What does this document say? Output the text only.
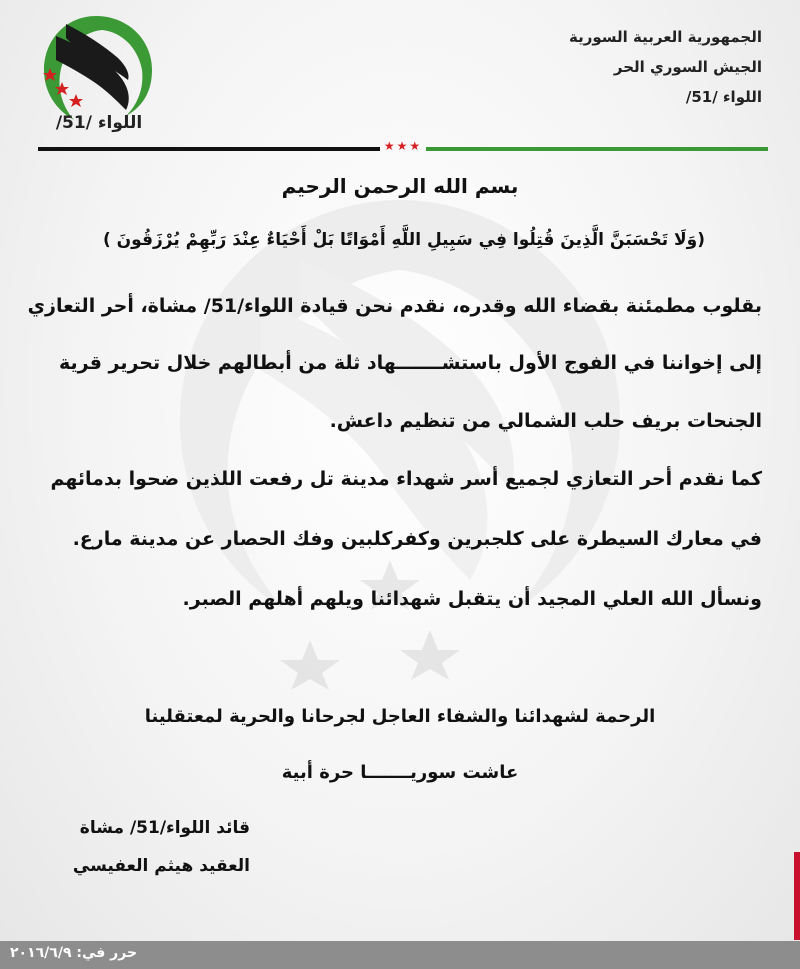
الجمهورية العربية السورية
الجيش السوري الحر
اللواء /51/
اللواء /51/
★★★
بسم الله الرحمن الرحيم
(وَلَا تَحْسَبَنَّ الَّذِينَ قُتِلُوا فِي سَبِيلِ اللَّهِ أَمْوَاتًا بَلْ أَحْيَاءٌ عِنْدَ رَبِّهِمْ يُرْزَقُونَ )
بقلوب مطمئنة بقضاء الله وقدره، نقدم نحن قيادة اللواء/51/ مشاة، أحر التعازي
إلى إخواننا في الفوج الأول باستشـــــــهاد ثلة من أبطالهم خلال تحرير قرية
الجنحات بريف حلب الشمالي من تنظيم داعش.
كما نقدم أحر التعازي لجميع أسر شهداء مدينة تل رفعت اللذين ضحوا بدمائهم
في معارك السيطرة على كلجبرين وكفركلبين وفك الحصار عن مدينة مارع.
ونسأل الله العلي المجيد أن يتقبل شهدائنا ويلهم أهلهم الصبر.
الرحمة لشهدائنا والشفاء العاجل لجرحانا والحرية لمعتقلينا
عاشت سوريـــــــا حرة أبية
قائد اللواء/51/ مشاة
العقيد هيثم العفيسي
حرر في: ٢٠١٦/٦/٩
